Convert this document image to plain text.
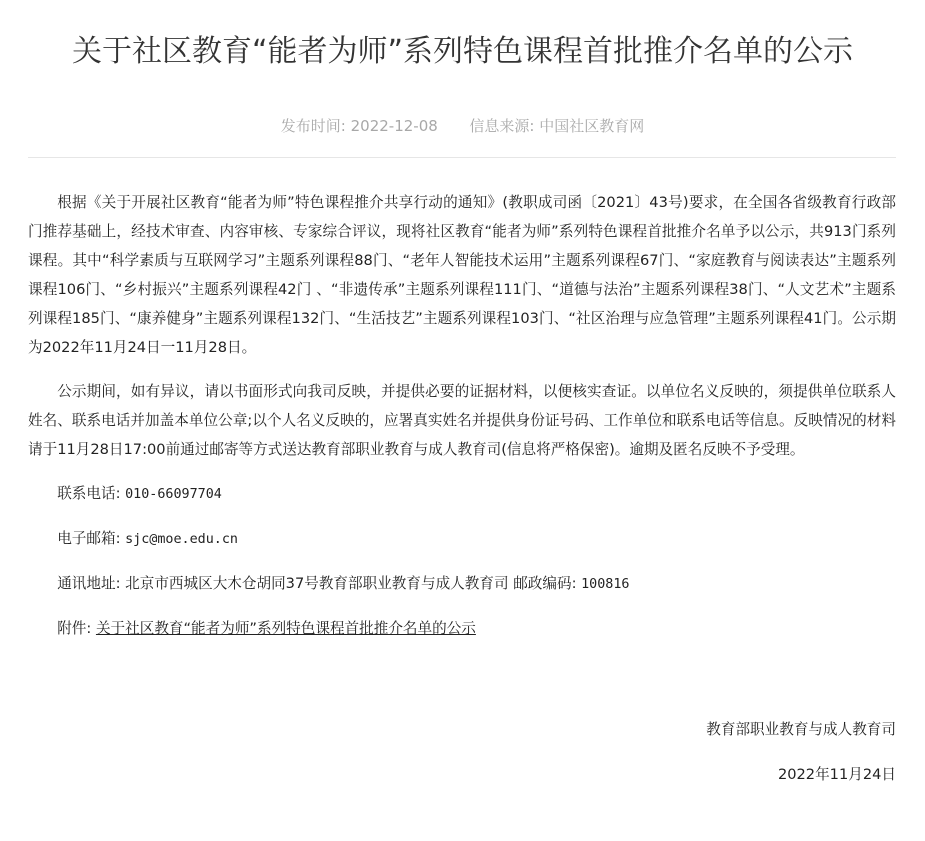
关于社区教育“能者为师”系列特色课程首批推介名单的公示
发布时间: 2022-12-08 信息来源: 中国社区教育网

根据《关于开展社区教育“能者为师”特色课程推介共享行动的通知》(教职成司函〔2021〕43号)要求，在全国各省级教育行政部门推荐基础上，经技术审查、内容审核、专家综合评议，现将社区教育“能者为师”系列特色课程首批推介名单予以公示，共913门系列课程。其中“科学素质与互联网学习”主题系列课程88门、“老年人智能技术运用”主题系列课程67门、“家庭教育与阅读表达”主题系列课程106门、“乡村振兴”主题系列课程42门 、“非遗传承”主题系列课程111门、“道德与法治”主题系列课程38门、“人文艺术”主题系列课程185门、“康养健身”主题系列课程132门、“生活技艺”主题系列课程103门、“社区治理与应急管理”主题系列课程41门。公示期为2022年11月24日一11月28日。

公示期间，如有异议，请以书面形式向我司反映，并提供必要的证据材料，以便核实查证。以单位名义反映的，须提供单位联系人姓名、联系电话并加盖本单位公章;以个人名义反映的，应署真实姓名并提供身份证号码、工作单位和联系电话等信息。反映情况的材料请于11月28日17:00前通过邮寄等方式送达教育部职业教育与成人教育司(信息将严格保密)。逾期及匿名反映不予受理。

联系电话: 010-66097704
电子邮箱: sjc@moe.edu.cn
通讯地址: 北京市西城区大木仓胡同37号教育部职业教育与成人教育司 邮政编码: 100816
附件: 关于社区教育“能者为师”系列特色课程首批推介名单的公示
教育部职业教育与成人教育司
2022年11月24日
